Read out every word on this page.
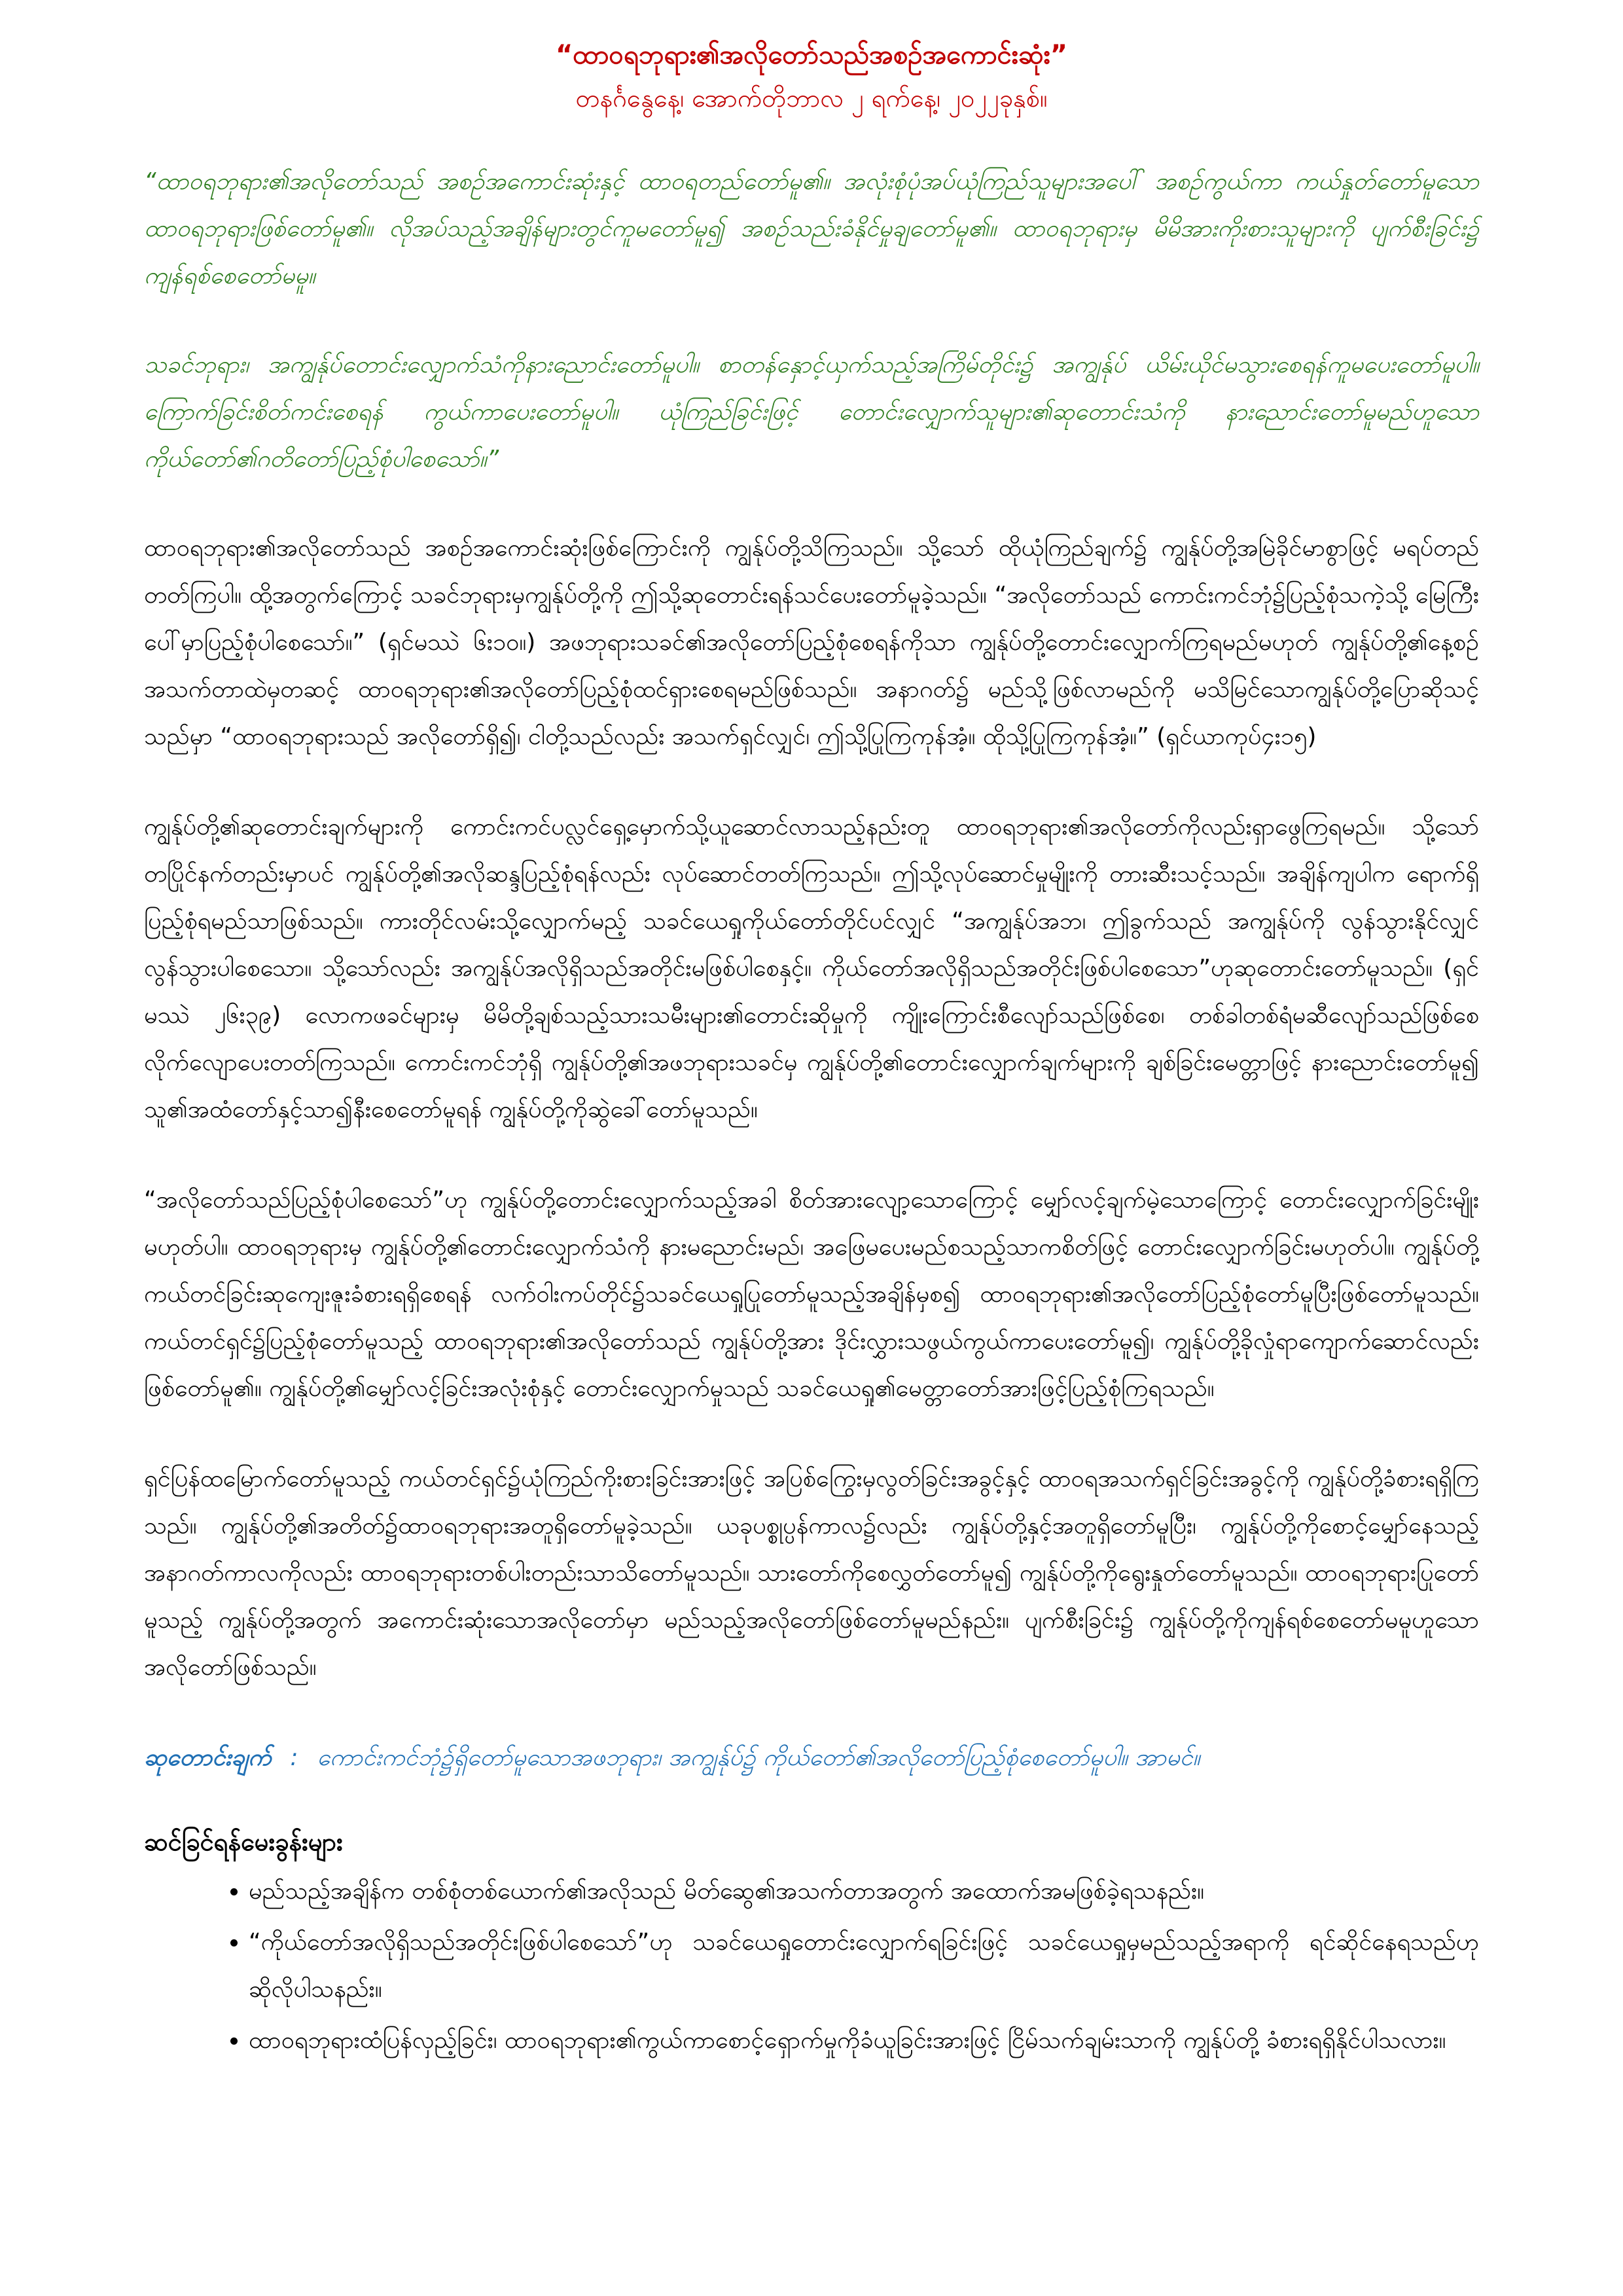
“ထာဝရဘုရား၏အလိုတော်သည်အစဉ်အကောင်းဆုံး”

တနင်္ဂနွေနေ့၊ အောက်တိုဘာလ ၂ ရက်နေ့၊ ၂၀၂၂ခုနှစ်။

“ထာဝရဘုရား၏အလိုတော်သည် အစဉ်အကောင်းဆုံးနှင့် ထာဝရတည်တော်မူ၏။ အလုံးစုံပုံအပ်ယုံကြည်သူများအပေါ် အစဉ်ကွယ်ကာ ကယ်နှုတ်တော်မူသောထာဝရဘုရားဖြစ်တော်မူ၏။ လိုအပ်သည့်အချိန်များတွင်ကူမတော်မူ၍ အစဉ်သည်းခံနိုင်မှုချတော်မူ၏။ ထာဝရဘုရားမှ မိမိအားကိုးစားသူများကို ပျက်စီးခြင်း၌ ကျန်ရစ်စေတော်မမူ။

သခင်ဘုရား၊ အကျွန်ုပ်တောင်းလျှောက်သံကိုနားညောင်းတော်မူပါ။ စာတန်နှောင့်ယှက်သည့်အကြိမ်တိုင်း၌ အကျွန်ုပ် ယိမ်းယိုင်မသွားစေရန်ကူမပေးတော်မူပါ။ ကြောက်ခြင်းစိတ်ကင်းစေရန် ကွယ်ကာပေးတော်မူပါ။ ယုံကြည်ခြင်းဖြင့် တောင်းလျှောက်သူများ၏ဆုတောင်းသံကို နားညောင်းတော်မူမည်ဟူသော ကိုယ်တော်၏ဂတိတော်ပြည့်စုံပါစေသော်။”

ထာဝရဘုရား၏အလိုတော်သည် အစဉ်အကောင်းဆုံးဖြစ်ကြောင်းကို ကျွန်ုပ်တို့သိကြသည်။ သို့သော် ထိုယုံကြည်ချက်၌ ကျွန်ုပ်တို့အမြဲခိုင်မာစွာဖြင့် မရပ်တည်တတ်ကြပါ။ ထို့အတွက်ကြောင့် သခင်ဘုရားမှကျွန်ုပ်တို့ကို ဤသို့ဆုတောင်းရန်သင်ပေးတော်မူခဲ့သည်။ “အလိုတော်သည် ကောင်းကင်ဘုံ၌ပြည့်စုံသကဲ့သို့ မြေကြီးပေါ်မှာပြည့်စုံပါစေသော်။” (ရှင်မဿဲ ၆း၁၀။) အဖဘုရားသခင်၏အလိုတော်ပြည့်စုံစေရန်ကိုသာ ကျွန်ုပ်တို့တောင်းလျှောက်ကြရမည်မဟုတ် ကျွန်ုပ်တို့၏နေ့စဉ်အသက်တာထဲမှတဆင့် ထာဝရဘုရား၏အလိုတော်ပြည့်စုံထင်ရှားစေရမည်ဖြစ်သည်။ အနာဂတ်၌ မည်သို့ဖြစ်လာမည်ကို မသိမြင်သောကျွန်ုပ်တို့ပြောဆိုသင့်သည်မှာ “ထာဝရဘုရားသည် အလိုတော်ရှိ၍၊ ငါတို့သည်လည်း အသက်ရှင်လျှင်၊ ဤသို့ပြုကြကုန်အံ့။ ထိုသို့ပြုကြကုန်အံ့။” (ရှင်ယာကုပ်၄း၁၅)

ကျွန်ုပ်တို့၏ဆုတောင်းချက်များကို ကောင်းကင်ပလ္လင်ရှေ့မှောက်သို့ယူဆောင်လာသည့်နည်းတူ ထာဝရဘုရား၏အလိုတော်ကိုလည်းရှာဖွေကြရမည်။ သို့သော်တပြိုင်နက်တည်းမှာပင် ကျွန်ုပ်တို့၏အလိုဆန္ဒပြည့်စုံရန်လည်း လုပ်ဆောင်တတ်ကြသည်။ ဤသို့လုပ်ဆောင်မှုမျိုးကို တားဆီးသင့်သည်။ အချိန်ကျပါက ရောက်ရှိပြည့်စုံရမည်သာဖြစ်သည်။ ကားတိုင်လမ်းသို့လျှောက်မည့် သခင်ယေရှုကိုယ်တော်တိုင်ပင်လျှင် “အကျွန်ုပ်အဘ၊ ဤခွက်သည် အကျွန်ုပ်ကို လွန်သွားနိုင်လျှင်လွန်သွားပါစေသော။ သို့သော်လည်း အကျွန်ုပ်အလိုရှိသည်အတိုင်းမဖြစ်ပါစေနှင့်။ ကိုယ်တော်အလိုရှိသည်အတိုင်းဖြစ်ပါစေသော”ဟုဆုတောင်းတော်မူသည်။ (ရှင်မဿဲ ၂၆း၃၉) လောကဖခင်များမှ မိမိတို့ချစ်သည့်သားသမီးများ၏တောင်းဆိုမှုကို ကျိုးကြောင်းစီလျော်သည်ဖြစ်စေ၊ တစ်ခါတစ်ရံမဆီလျော်သည်ဖြစ်စေ လိုက်လျောပေးတတ်ကြသည်။ ကောင်းကင်ဘုံရှိ ကျွန်ုပ်တို့၏အဖဘုရားသခင်မှ ကျွန်ုပ်တို့၏တောင်းလျှောက်ချက်များကို ချစ်ခြင်းမေတ္တာဖြင့် နားညောင်းတော်မူ၍ သူ၏အထံတော်နှင့်သာ၍နီးစေတော်မူရန် ကျွန်ုပ်တို့ကိုဆွဲခေါ်တော်မူသည်။

“အလိုတော်သည်ပြည့်စုံပါစေသော်”ဟု ကျွန်ုပ်တို့တောင်းလျှောက်သည့်အခါ စိတ်အားလျော့သောကြောင့် မျှော်လင့်ချက်မဲ့သောကြောင့် တောင်းလျှောက်ခြင်းမျိုးမဟုတ်ပါ။ ထာဝရဘုရားမှ ကျွန်ုပ်တို့၏တောင်းလျှောက်သံကို နားမညောင်းမည်၊ အဖြေမပေးမည်စသည့်သာကစိတ်ဖြင့် တောင်းလျှောက်ခြင်းမဟုတ်ပါ။ ကျွန်ုပ်တို့ ကယ်တင်ခြင်းဆုကျေးဇူးခံစားရရှိစေရန် လက်ဝါးကပ်တိုင်၌သခင်ယေရှုပြုတော်မူသည့်အချိန်မှစ၍ ထာဝရဘုရား၏အလိုတော်ပြည့်စုံတော်မူပြီးဖြစ်တော်မူသည်။ ကယ်တင်ရှင်၌ပြည့်စုံတော်မူသည့် ထာဝရဘုရား၏အလိုတော်သည် ကျွန်ုပ်တို့အား ဒိုင်းလွှားသဖွယ်ကွယ်ကာပေးတော်မူ၍၊ ကျွန်ုပ်တို့ခိုလှုံရာကျောက်ဆောင်လည်းဖြစ်တော်မူ၏။ ကျွန်ုပ်တို့၏မျှော်လင့်ခြင်းအလုံးစုံနှင့် တောင်းလျှောက်မှုသည် သခင်ယေရှု၏မေတ္တာတော်အားဖြင့်ပြည့်စုံကြရသည်။

ရှင်ပြန်ထမြောက်တော်မူသည့် ကယ်တင်ရှင်၌ယုံကြည်ကိုးစားခြင်းအားဖြင့် အပြစ်ကြွေးမှလွတ်ခြင်းအခွင့်နှင့် ထာဝရအသက်ရှင်ခြင်းအခွင့်ကို ကျွန်ုပ်တို့ခံစားရရှိကြသည်။ ကျွန်ုပ်တို့၏အတိတ်၌ထာဝရဘုရားအတူရှိတော်မူခဲ့သည်။ ယခုပစ္စုပ္ပန်ကာလ၌လည်း ကျွန်ုပ်တို့နှင့်အတူရှိတော်မူပြီး၊ ကျွန်ုပ်တို့ကိုစောင့်မျှော်နေသည့် အနာဂတ်ကာလကိုလည်း ထာဝရဘုရားတစ်ပါးတည်းသာသိတော်မူသည်။ သားတော်ကိုစေလွှတ်တော်မူ၍ ကျွန်ုပ်တို့ကိုရွေးနှုတ်တော်မူသည်။ ထာဝရဘုရားပြုတော်မူသည့် ကျွန်ုပ်တို့အတွက် အကောင်းဆုံးသောအလိုတော်မှာ မည်သည့်အလိုတော်ဖြစ်တော်မူမည်နည်း။ ပျက်စီးခြင်း၌ ကျွန်ုပ်တို့ကိုကျန်ရစ်စေတော်မမူဟူသောအလိုတော်ဖြစ်သည်။

ဆုတောင်းချက် : ကောင်းကင်ဘုံ၌ရှိတော်မူသောအဖဘုရား၊ အကျွန်ုပ်၌ ကိုယ်တော်၏အလိုတော်ပြည့်စုံစေတော်မူပါ။ အာမင်။

ဆင်ခြင်ရန်မေးခွန်းများ

• မည်သည့်အချိန်က တစ်စုံတစ်ယောက်၏အလိုသည် မိတ်ဆွေ၏အသက်တာအတွက် အထောက်အမဖြစ်ခဲ့ရသနည်း။
• “ကိုယ်တော်အလိုရှိသည်အတိုင်းဖြစ်ပါစေသော်”ဟု သခင်ယေရှုတောင်းလျှောက်ရခြင်းဖြင့် သခင်ယေရှုမှမည်သည့်အရာကို ရင်ဆိုင်နေရသည်ဟု ဆိုလိုပါသနည်း။
• ထာဝရဘုရားထံပြန်လှည့်ခြင်း၊ ထာဝရဘုရား၏ကွယ်ကာစောင့်ရှောက်မှုကိုခံယူခြင်းအားဖြင့် ငြိမ်သက်ချမ်းသာကို ကျွန်ုပ်တို့ ခံစားရရှိနိုင်ပါသလား။
